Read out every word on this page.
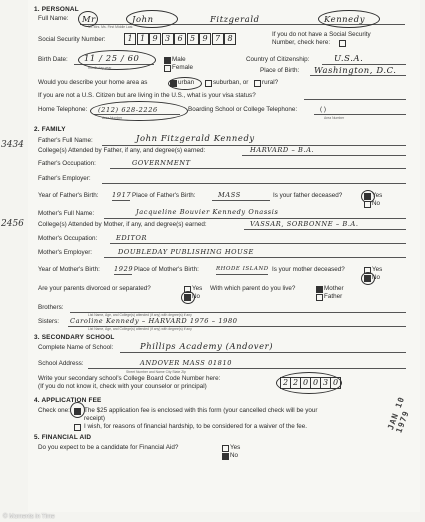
1. PERSONAL
Full Name: Mr	John	Fitzgerald	Kennedy
Mr. Mrs. Ms. First Middle Last
Social Security Number:	1 1 9 3 6 5 9 7 8	If you do not have a Social Security
Number, check here:
Birth Date: 11 / 25 / 60
month day year
Male
Female
Country of Citizenship:	U.S.A.
Place of Birth: Washington, D.C.
Would you describe your home area as	urban	suburban, or rural?
If you are not a U.S. Citizen but are living in the U.S., what is your visa status?
Home Telephone: (212) 628-2226
Area Number
Boarding School or College Telephone:	( )
Area Number
2. FAMILY
Father's Full Name:	John Fitzgerald Kennedy
College(s) Attended by Father, if any, and degree(s) earned:	HARVARD – B.A.
Father's Occupation:	GOVERNMENT
Father's Employer:
Year of Father's Birth: 1917 Place of Father's Birth:	MASS	Is your father deceased?	Yes
No
Mother's Full Name:	Jacqueline Bouvier Kennedy Onassis
College(s) Attended by Mother, if any, and degree(s) earned:	VASSAR, SORBONNE – B.A.
Mother's Occupation:	EDITOR
Mother's Employer:	DOUBLEDAY PUBLISHING HOUSE
Year of Mother's Birth: 1929 Place of Mother's Birth:	RHODE ISLAND Is your mother deceased?	Yes
No
Are your parents divorced or separated?	Yes
No
With which parent do you live?	Mother
Father
Brothers:
List Name, Age, and College(s) attended (if any) with degree(s) if any
Sisters: Caroline Kennedy – HARVARD 1976 – 1980
List Name, Age, and College(s) attended (if any) with degree(s) if any
3. SECONDARY SCHOOL
Complete Name of School:	Phillips Academy (Andover)
School Address:	ANDOVER MASS 01810
Street Number and Name City State Zip
Write your secondary school's College Board Code Number here:
(If you do not know it, check with your counselor or principal)	2 2 0 0 3 0
4. APPLICATION FEE
Check one: The $25 application fee is enclosed with this form (your cancelled check will be your
receipt)
I wish, for reasons of financial hardship, to be considered for a waiver of the fee.
5. FINANCIAL AID
Do you expect to be a candidate for Financial Aid?	Yes
No
3434
2456
JAN 10 1979
© Moments in Time
